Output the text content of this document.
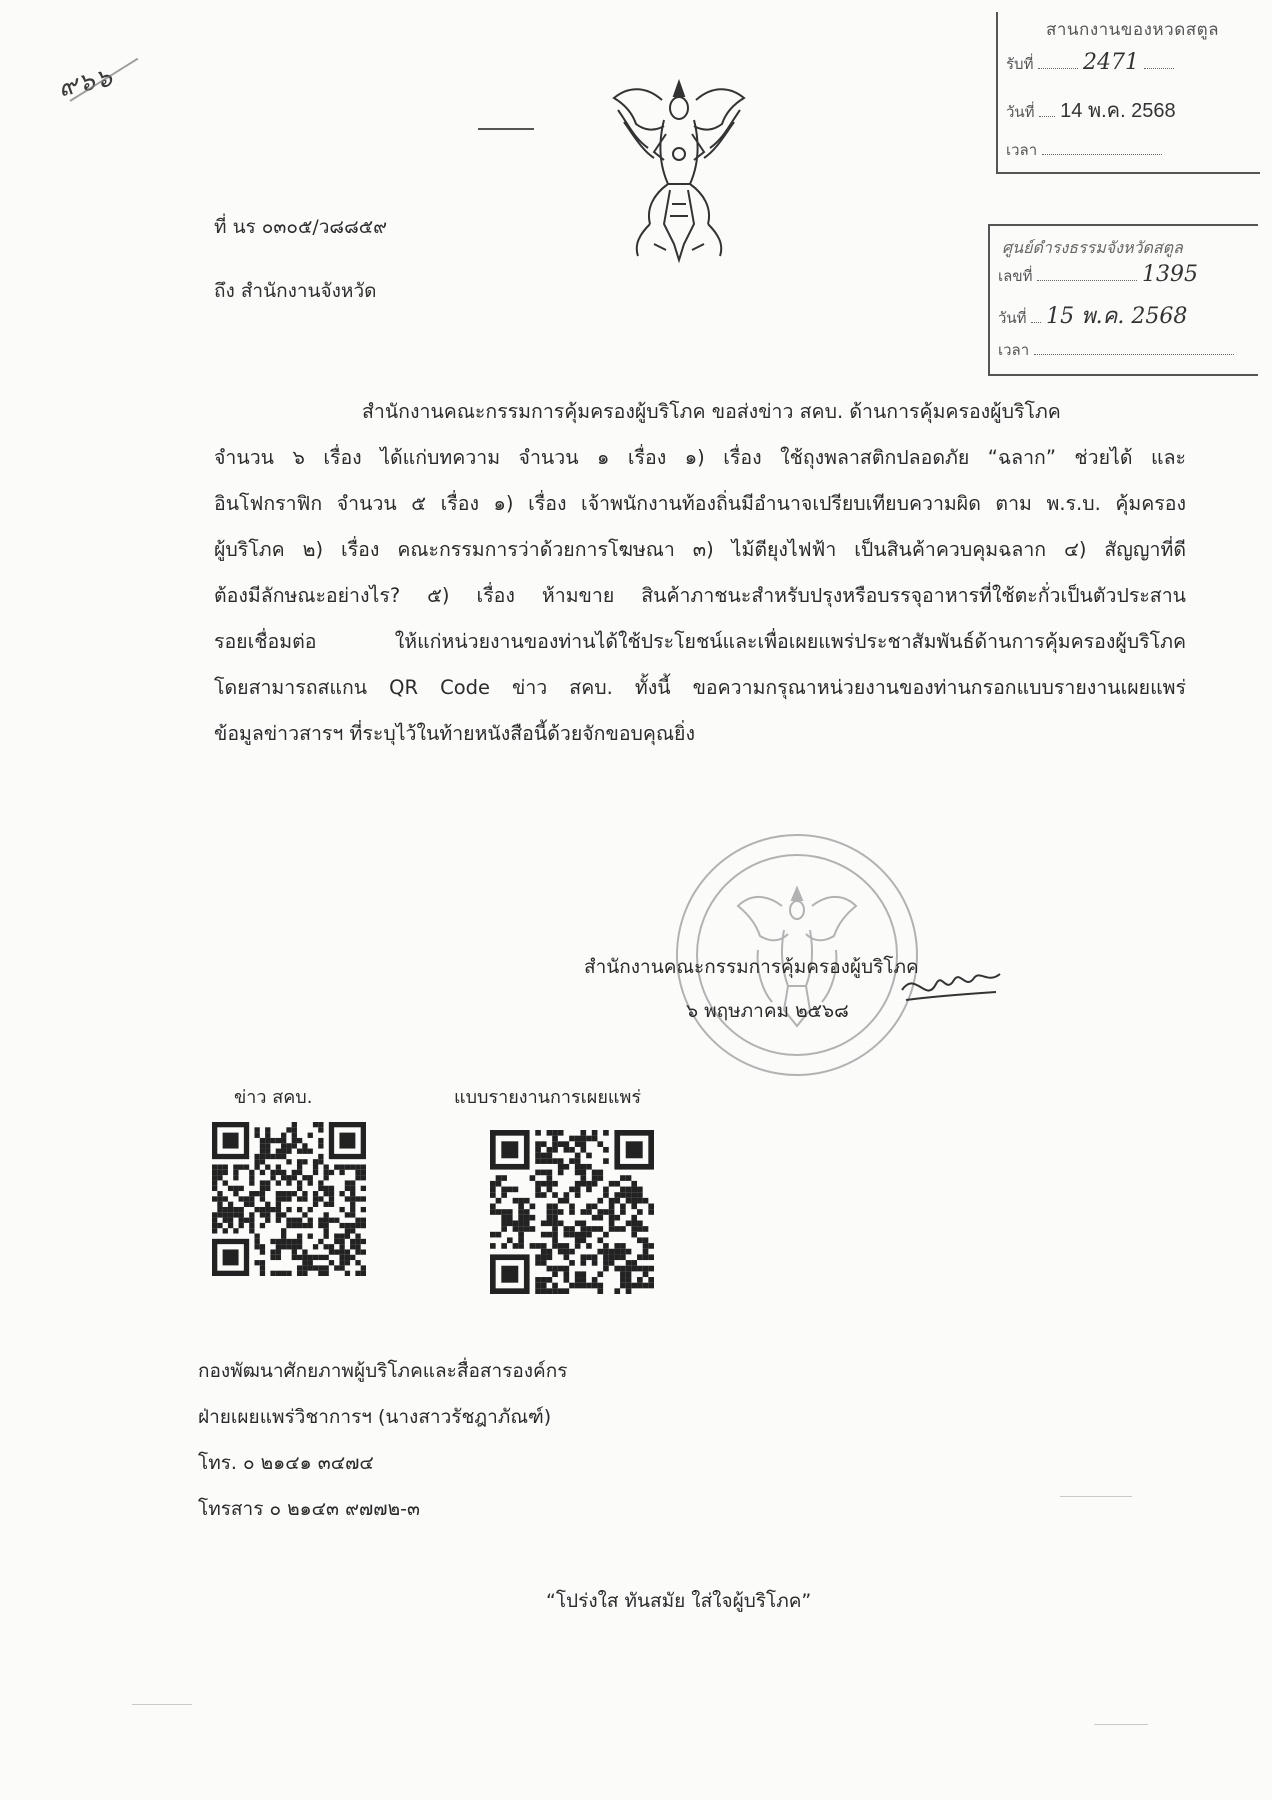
๙๖๖
สานกงานของหวดสตูล
รับที่ 2471
วันที่ 14 พ.ค. 2568
เวลา
ศูนย์ดำรงธรรมจังหวัดสตูล
เลขที่	1395
วันที่ 15 พ.ค. 2568
เวลา
ที่ นร ๐๓๐๕/ว๘๘๕๙
ถึง สำนักงานจังหวัด
สำนักงานคณะกรรมการคุ้มครองผู้บริโภค ขอส่งข่าว สคบ. ด้านการคุ้มครองผู้บริโภค
จำนวน ๖ เรื่อง ได้แก่บทความ จำนวน ๑ เรื่อง ๑) เรื่อง ใช้ถุงพลาสติกปลอดภัย “ฉลาก” ช่วยได้ และ
อินโฟกราฟิก จำนวน ๕ เรื่อง ๑) เรื่อง เจ้าพนักงานท้องถิ่นมีอำนาจเปรียบเทียบความผิด ตาม พ.ร.บ. คุ้มครอง
ผู้บริโภค ๒) เรื่อง คณะกรรมการว่าด้วยการโฆษณา ๓) ไม้ตียุงไฟฟ้า เป็นสินค้าควบคุมฉลาก ๔) สัญญาที่ดี
ต้องมีลักษณะอย่างไร? ๕) เรื่อง ห้ามขาย สินค้าภาชนะสำหรับปรุงหรือบรรจุอาหารที่ใช้ตะกั่วเป็นตัวประสาน
รอยเชื่อมต่อ ให้แก่หน่วยงานของท่านได้ใช้ประโยชน์และเพื่อเผยแพร่ประชาสัมพันธ์ด้านการคุ้มครองผู้บริโภค
โดยสามารถสแกน QR Code ข่าว สคบ. ทั้งนี้ ขอความกรุณาหน่วยงานของท่านกรอกแบบรายงานเผยแพร่
ข้อมูลข่าวสารฯ ที่ระบุไว้ในท้ายหนังสือนี้ด้วยจักขอบคุณยิ่ง
สำนักงานคณะกรรมการคุ้มครองผู้บริโภค
๖ พฤษภาคม ๒๕๖๘
ข่าว สคบ.	แบบรายงานการเผยแพร่
กองพัฒนาศักยภาพผู้บริโภคและสื่อสารองค์กร
ฝ่ายเผยแพร่วิชาการฯ (นางสาวรัชฎาภัณฑ์)
โทร. ๐ ๒๑๔๑ ๓๔๗๔
โทรสาร ๐ ๒๑๔๓ ๙๗๗๒-๓
“โปร่งใส ทันสมัย ใส่ใจผู้บริโภค”
